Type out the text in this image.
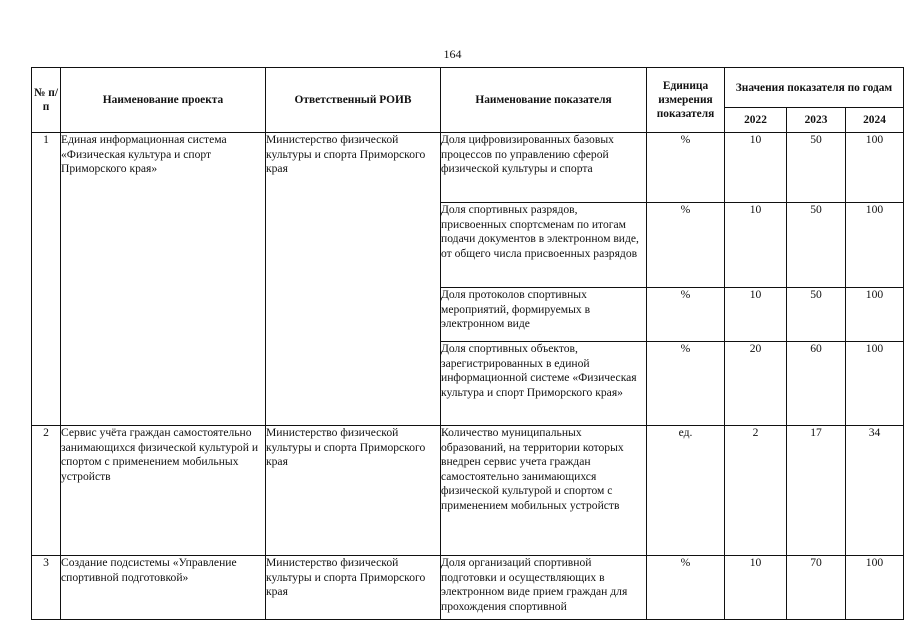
164
№ п/п	Наименование проекта	Ответственный РОИВ	Наименование показателя	Единица измерения показателя	Значения показателя по годам		
					2022	2023	2024
1	Единая информационная система «Физическая культура и спорт Приморского края»	Министерство физической культуры и спорта Приморского края	Доля цифровизированных базовых процессов по управлению сферой физической культуры и спорта	%	10	50	100
			Доля спортивных разрядов, присвоенных спортсменам по итогам подачи документов в электронном виде, от общего числа присвоенных разрядов	%	10	50	100
			Доля протоколов спортивных мероприятий, формируемых в электронном виде	%	10	50	100
			Доля спортивных объектов, зарегистрированных в единой информационной системе «Физическая культура и спорт Приморского края»	%	20	60	100
2	Сервис учёта граждан самостоятельно занимающихся физической культурой и спортом с применением мобильных устройств	Министерство физической культуры и спорта Приморского края	Количество муниципальных образований, на территории которых внедрен сервис учета граждан самостоятельно занимающихся физической культурой и спортом с применением мобильных устройств	ед.	2	17	34
3	Создание подсистемы «Управление спортивной подготовкой»	Министерство физической культуры и спорта Приморского края	Доля организаций спортивной подготовки и осуществляющих в электронном виде прием граждан для прохождения спортивной	%	10	70	100
